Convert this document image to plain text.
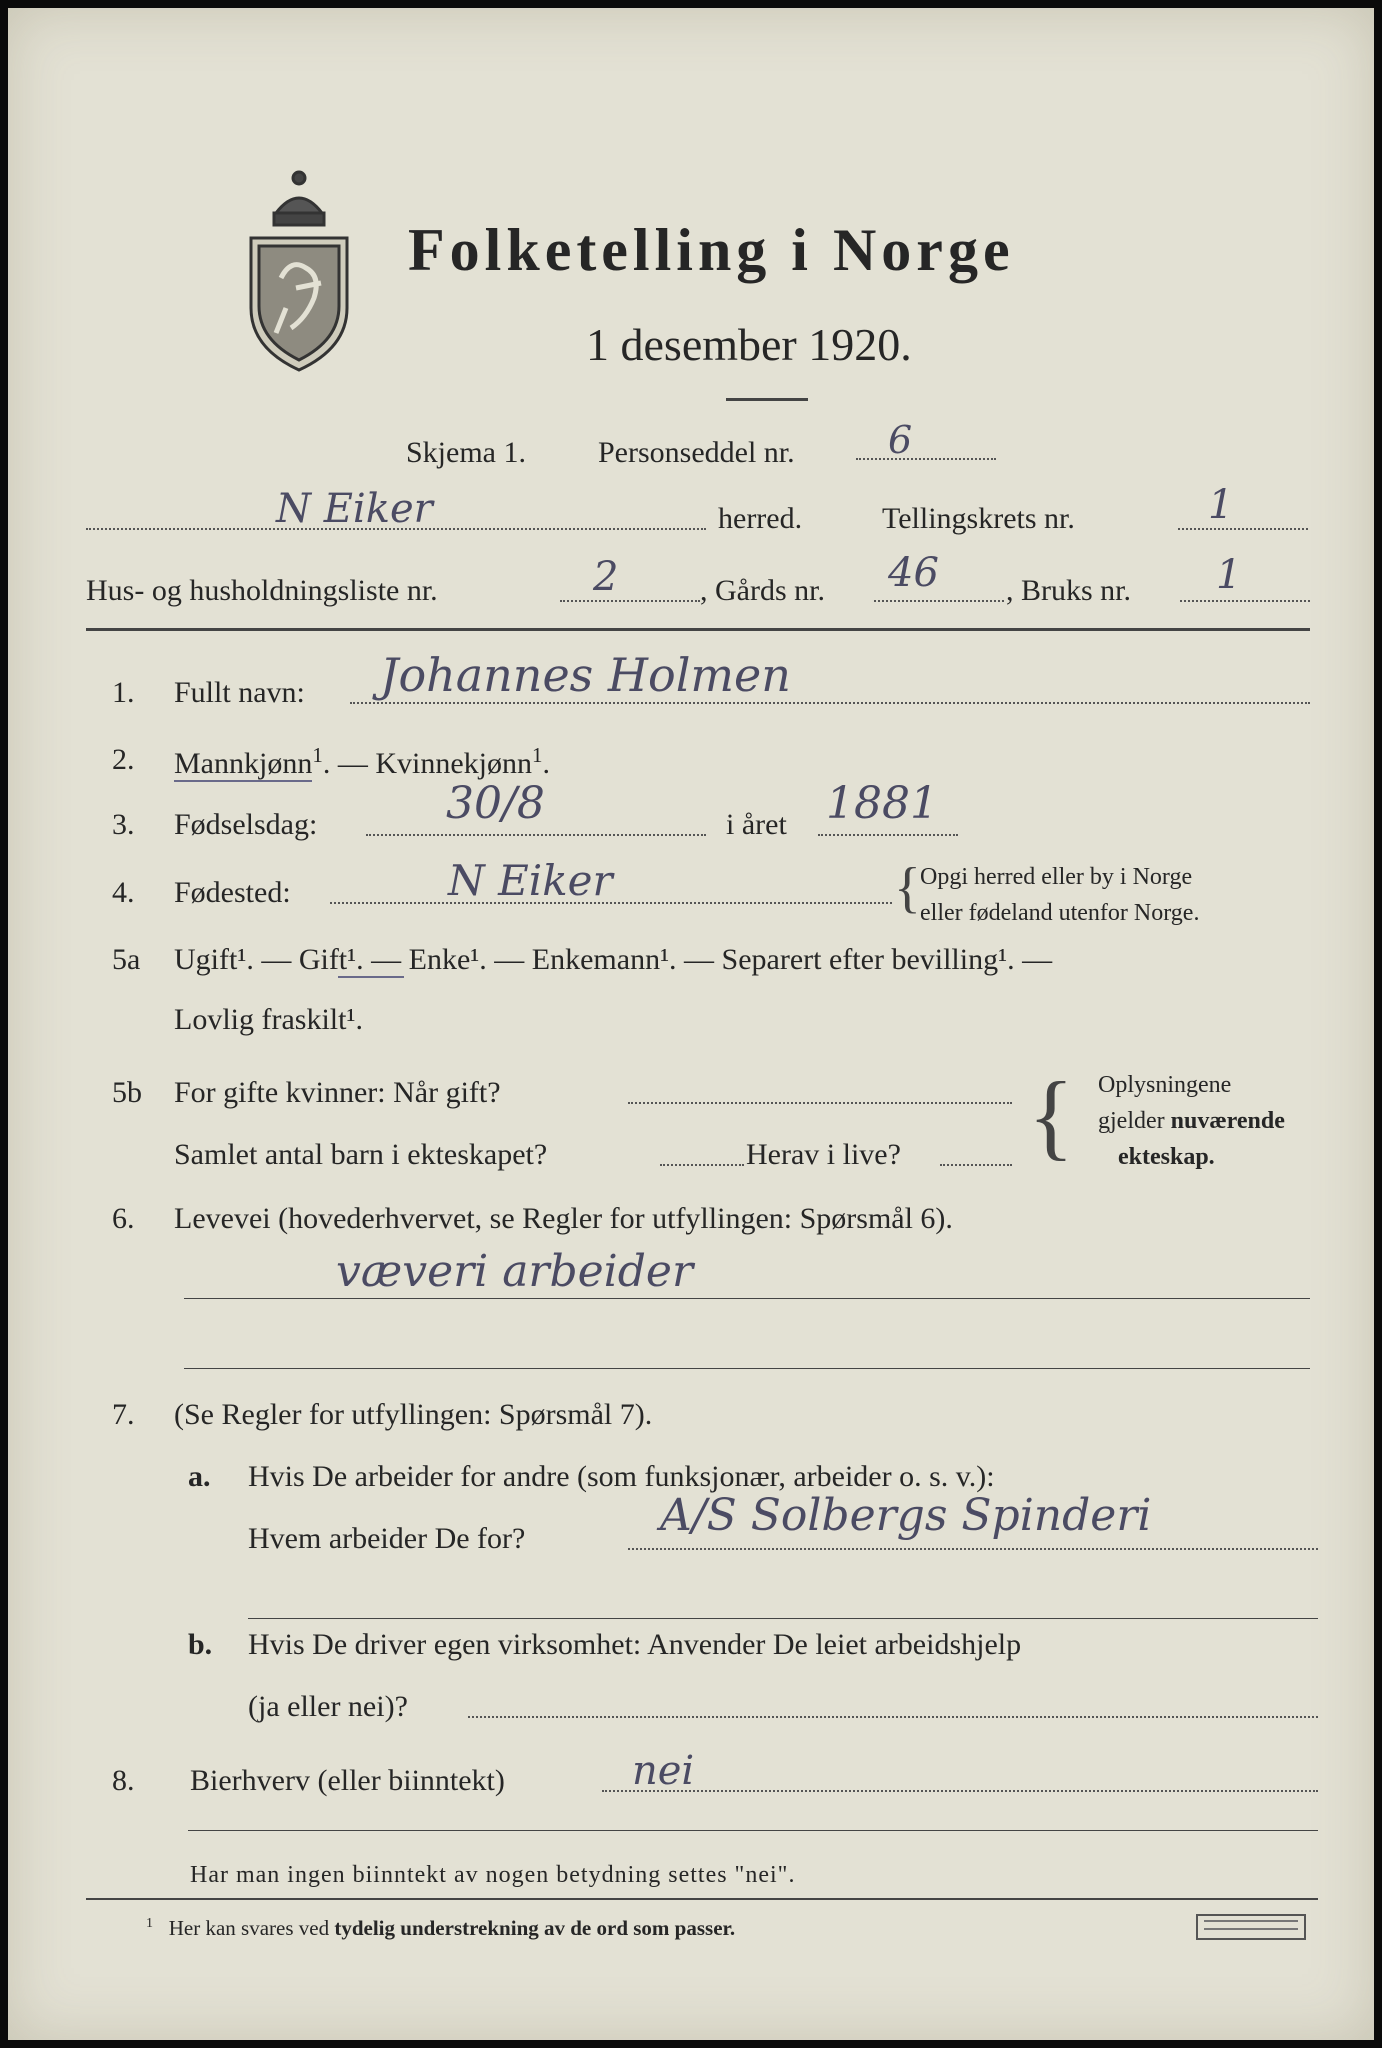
Folketelling i Norge
1 desember 1920.
Skjema 1. Personseddel nr. 6
N Eiker	herred.	Tellingskrets nr.	1
Hus- og husholdningsliste nr.	2	, Gårds nr. 46 , Bruks nr. 1
1. Fullt navn: Johannes Holmen
2. Mannkjønn$^1$. — Kvinnekjønn$^1$.
3. Fødselsdag:	30/8	i året 1881
4. Fødested:	N Eiker	{ Opgi herred eller by i Norge
eller fødeland utenfor Norge.
5a Ugift¹. — Gift¹. — Enke¹. — Enkemann¹. — Separert efter bevilling¹. —
Lovlig fraskilt¹.
5b For gifte kvinner: Når gift?
Samlet antal barn i ekteskapet?	Herav i live? { Oplysningene
gjelder nuværende
ekteskap.
6. Levevei (hovederhvervet, se Regler for utfyllingen: Spørsmål 6).
væveri arbeider
7. (Se Regler for utfyllingen: Spørsmål 7).
a. Hvis De arbeider for andre (som funksjonær, arbeider o. s. v.):
Hvem arbeider De for?	A/S Solbergs Spinderi
b. Hvis De driver egen virksomhet: Anvender De leiet arbeidshjelp
(ja eller nei)?
8. Bierhverv (eller biinntekt)	nei
Har man ingen biinntekt av nogen betydning settes "nei".
$^1$ Her kan svares ved tydelig understrekning av de ord som passer.
